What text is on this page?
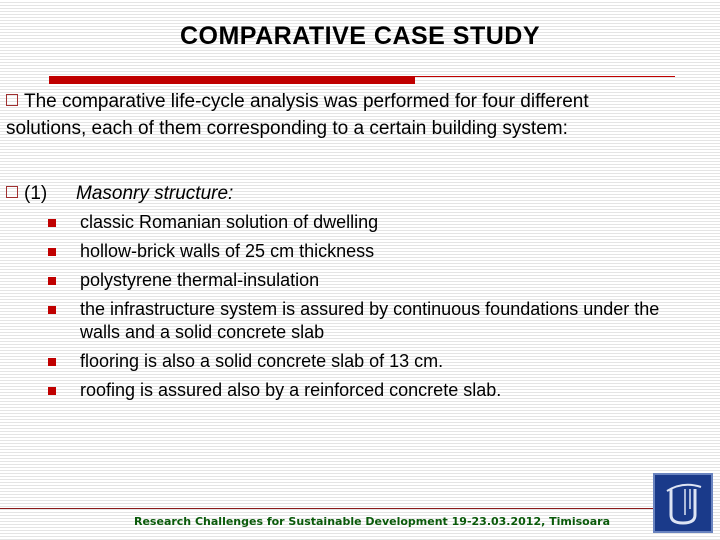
COMPARATIVE CASE STUDY
The comparative life-cycle analysis was performed for four different
solutions, each of them corresponding to a certain building system:
(1) Masonry structure:
classic Romanian solution of dwelling
hollow-brick walls of 25 cm thickness
polystyrene thermal-insulation
the infrastructure system is assured by continuous foundations under the
walls and a solid concrete slab
flooring is also a solid concrete slab of 13 cm.
roofing is assured also by a reinforced concrete slab.
Research Challenges for Sustainable Development 19-23.03.2012, Timisoara
